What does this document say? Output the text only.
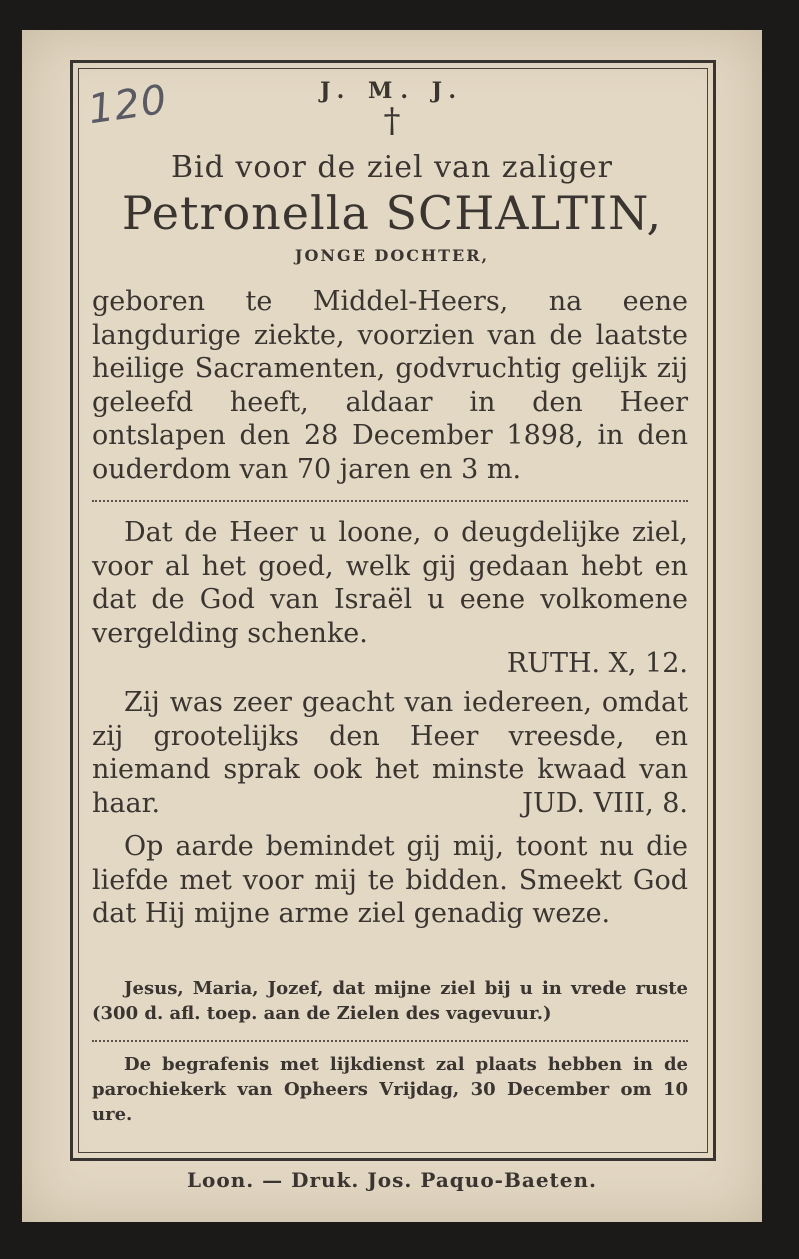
120	J. M. J.
†
Bid voor de ziel van zaliger
Petronella SCHALTIN,
JONGE DOCHTER,
geboren te Middel-Heers, na eene langdurige ziekte, voorzien van de laatste heilige Sacramenten, godvruchtig gelijk zij geleefd heeft, aldaar in den Heer ontslapen den 28 December 1898, in den ouderdom van 70 jaren en 3 m.
Dat de Heer u loone, o deugdelijke ziel, voor al het goed, welk gij gedaan hebt en dat de God van Israël u eene volkomene vergelding schenke.
RUTH. X, 12.
Zij was zeer geacht van iedereen, omdat zij grootelijks den Heer vreesde, en niemand sprak ook het minste kwaad van haar.	JUD. VIII, 8.
Op aarde bemindet gij mij, toont nu die liefde met voor mij te bidden. Smeekt God dat Hij mijne arme ziel genadig weze.
Jesus, Maria, Jozef, dat mijne ziel bij u in vrede ruste (300 d. afl. toep. aan de Zielen des vagevuur.)
De begrafenis met lijkdienst zal plaats hebben in de parochiekerk van Opheers Vrijdag, 30 December om 10 ure.
Loon. — Druk. Jos. Paquo-Baeten.
